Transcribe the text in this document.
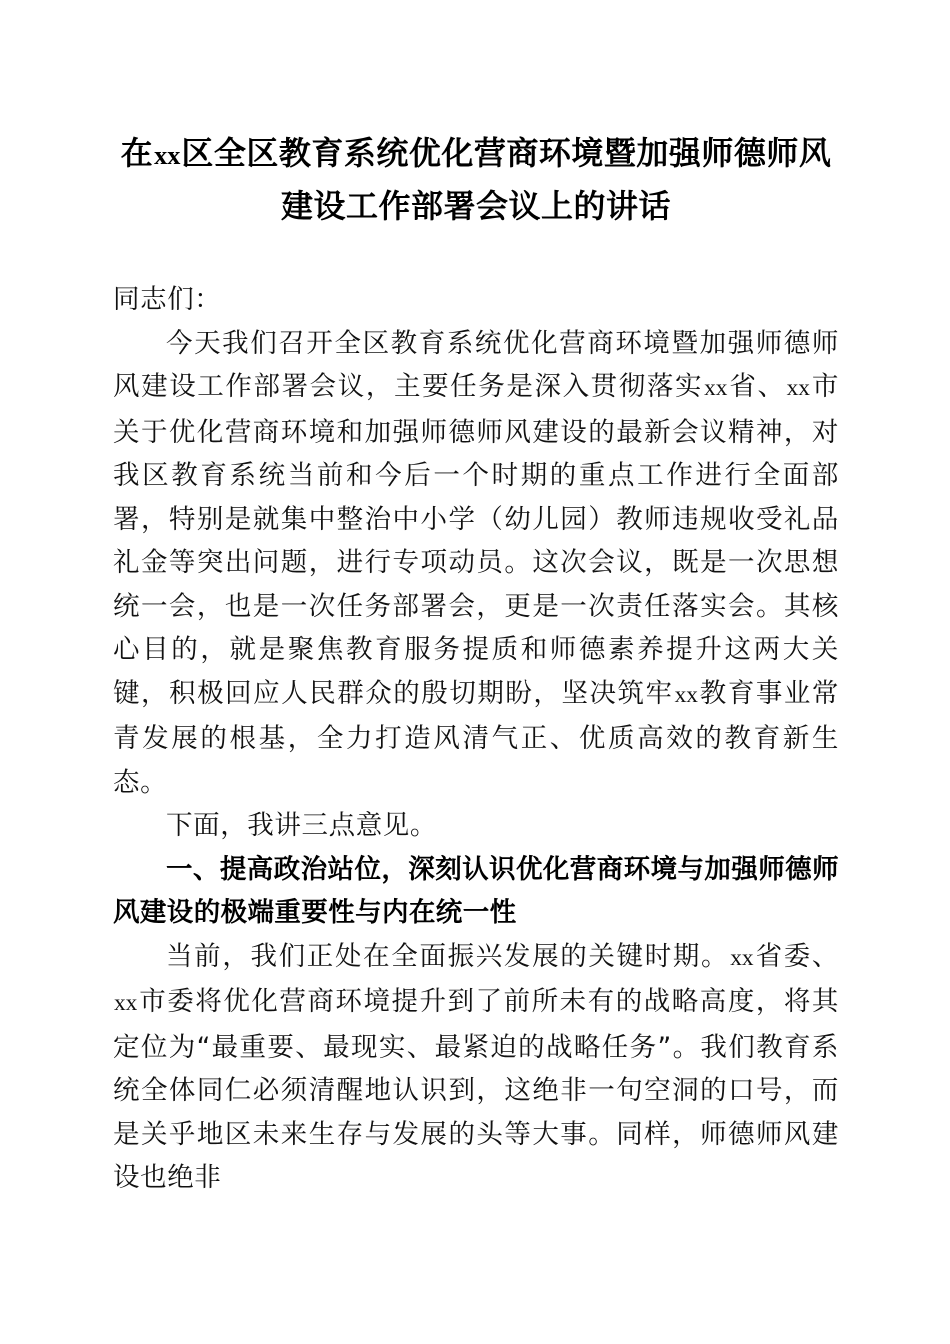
在xx区全区教育系统优化营商环境暨加强师德师风建设工作部署会议上的讲话

同志们：

今天我们召开全区教育系统优化营商环境暨加强师德师风建设工作部署会议，主要任务是深入贯彻落实xx省、xx市关于优化营商环境和加强师德师风建设的最新会议精神，对我区教育系统当前和今后一个时期的重点工作进行全面部署，特别是就集中整治中小学（幼儿园）教师违规收受礼品礼金等突出问题，进行专项动员。这次会议，既是一次思想统一会，也是一次任务部署会，更是一次责任落实会。其核心目的，就是聚焦教育服务提质和师德素养提升这两大关键，积极回应人民群众的殷切期盼，坚决筑牢xx教育事业常青发展的根基，全力打造风清气正、优质高效的教育新生态。

下面，我讲三点意见。

一、提高政治站位，深刻认识优化营商环境与加强师德师风建设的极端重要性与内在统一性

当前，我们正处在全面振兴发展的关键时期。xx省委、xx市委将优化营商环境提升到了前所未有的战略高度，将其定位为“最重要、最现实、最紧迫的战略任务”。我们教育系统全体同仁必须清醒地认识到，这绝非一句空洞的口号，而是关乎地区未来生存与发展的头等大事。同样，师德师风建设也绝非
